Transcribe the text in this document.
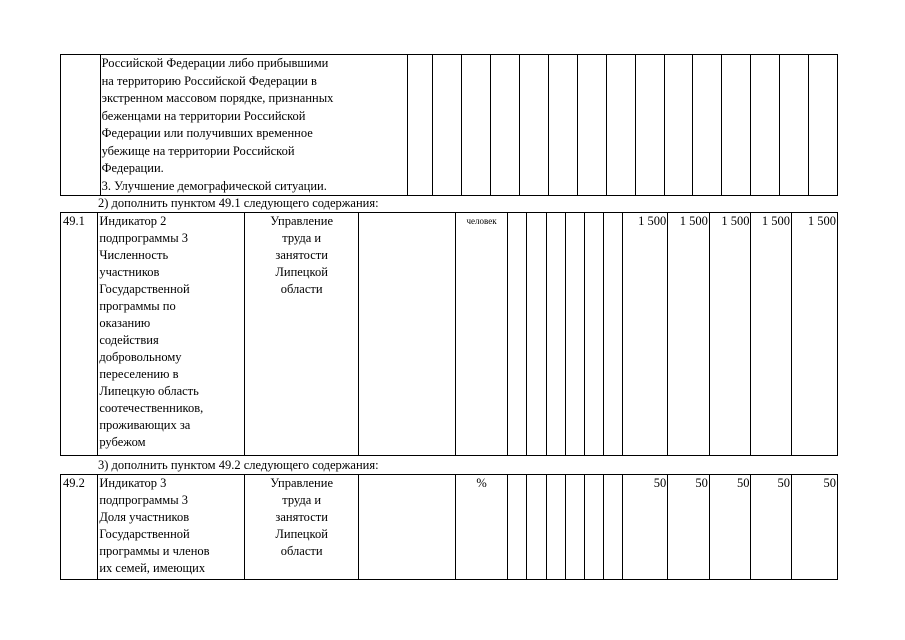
	Российской Федерации либо прибывшими
на территорию Российской Федерации в
экстренном массовом порядке, признанных
беженцами на территории Российской
Федерации или получивших временное
убежище на территории Российской
Федерации.
3. Улучшение демографической ситуации.															
2) дополнить пунктом 49.1 следующего содержания:
49.1	Индикатор 2
подпрограммы 3
Численность
участников
Государственной
программы по
оказанию
содействия
добровольному
переселению в
Липецкую область
соотечественников,
проживающих за
рубежом	Управление
труда и
занятости
Липецкой
области		человек							1 500	1 500	1 500	1 500	1 500
3) дополнить пунктом 49.2 следующего содержания:
49.2	Индикатор 3
подпрограммы 3
Доля участников
Государственной
программы и членов
их семей, имеющих	Управление
труда и
занятости
Липецкой
области		%							50	50	50	50	50
